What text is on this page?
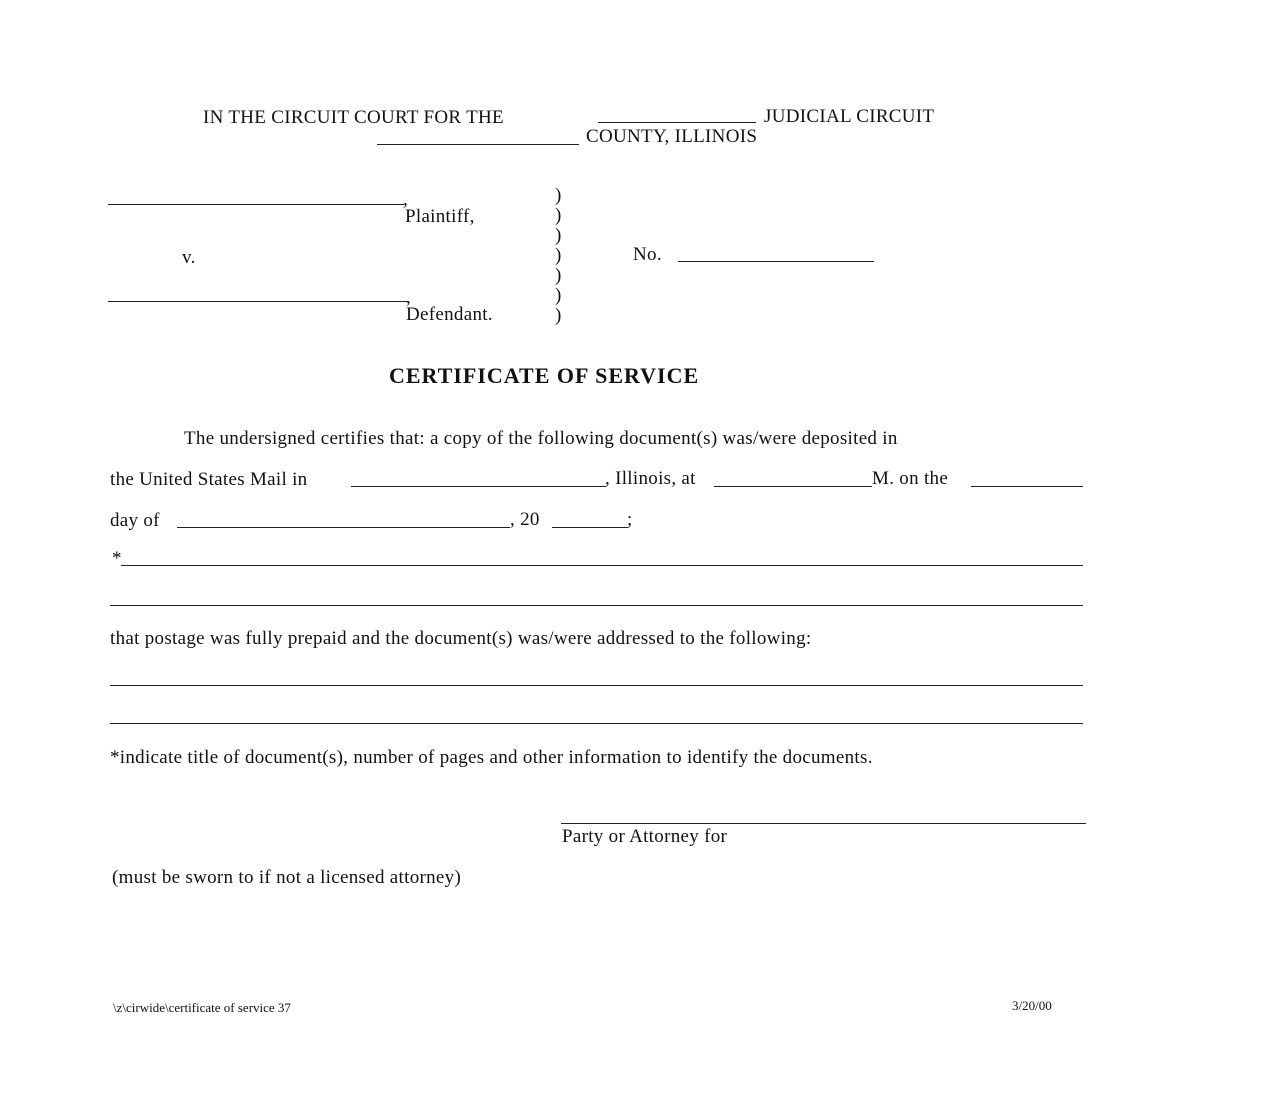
IN THE CIRCUIT COURT FOR THE	JUDICIAL CIRCUIT
COUNTY, ILLINOIS
,
Plaintiff,
v.
,
Defendant.
)
)
)
)
)
)
)
No.
CERTIFICATE OF SERVICE
The undersigned certifies that: a copy of the following document(s) was/were deposited in
the United States Mail in	, Illinois, at	M. on the
day of	, 20	;
*
that postage was fully prepaid and the document(s) was/were addressed to the following:
*indicate title of document(s), number of pages and other information to identify the documents.
Party or Attorney for
(must be sworn to if not a licensed attorney)
\z\cirwide\certificate of service 37	3/20/00
